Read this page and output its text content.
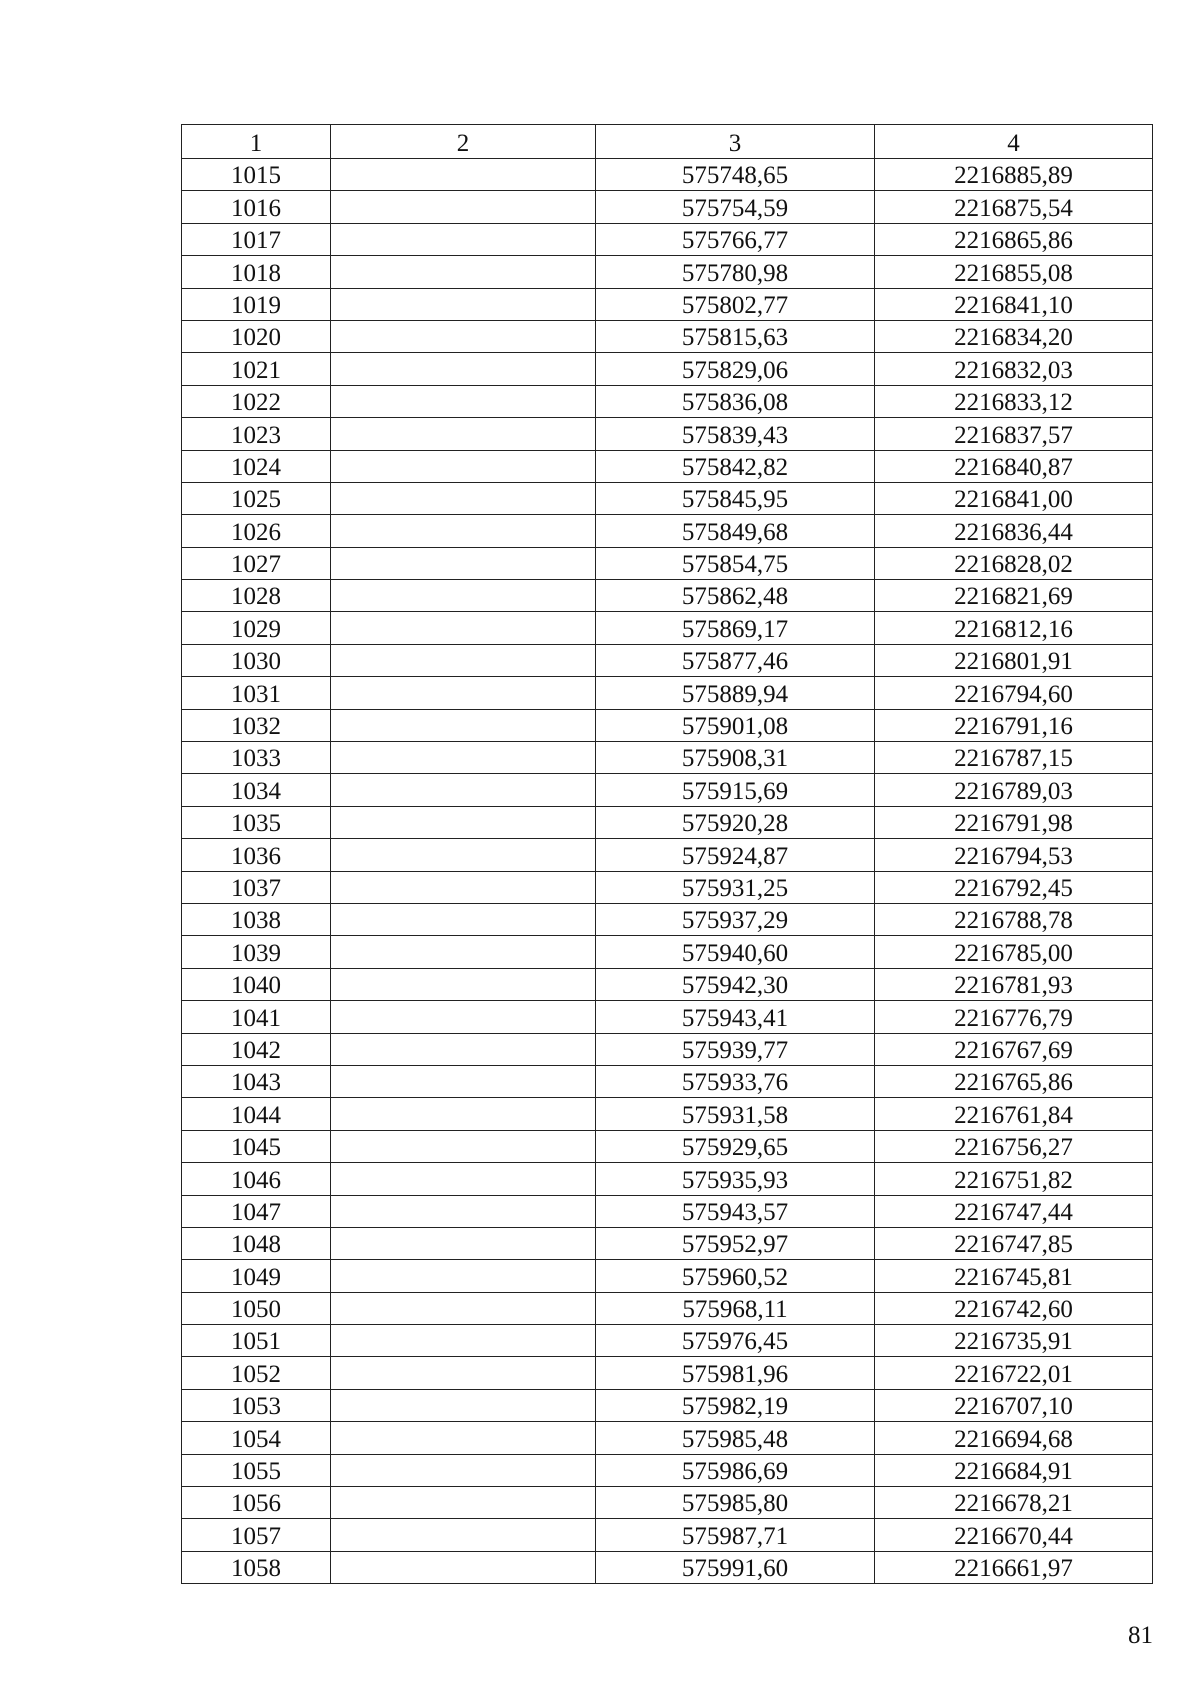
1	2	3	4
1015		575748,65	2216885,89
1016		575754,59	2216875,54
1017		575766,77	2216865,86
1018		575780,98	2216855,08
1019		575802,77	2216841,10
1020		575815,63	2216834,20
1021		575829,06	2216832,03
1022		575836,08	2216833,12
1023		575839,43	2216837,57
1024		575842,82	2216840,87
1025		575845,95	2216841,00
1026		575849,68	2216836,44
1027		575854,75	2216828,02
1028		575862,48	2216821,69
1029		575869,17	2216812,16
1030		575877,46	2216801,91
1031		575889,94	2216794,60
1032		575901,08	2216791,16
1033		575908,31	2216787,15
1034		575915,69	2216789,03
1035		575920,28	2216791,98
1036		575924,87	2216794,53
1037		575931,25	2216792,45
1038		575937,29	2216788,78
1039		575940,60	2216785,00
1040		575942,30	2216781,93
1041		575943,41	2216776,79
1042		575939,77	2216767,69
1043		575933,76	2216765,86
1044		575931,58	2216761,84
1045		575929,65	2216756,27
1046		575935,93	2216751,82
1047		575943,57	2216747,44
1048		575952,97	2216747,85
1049		575960,52	2216745,81
1050		575968,11	2216742,60
1051		575976,45	2216735,91
1052		575981,96	2216722,01
1053		575982,19	2216707,10
1054		575985,48	2216694,68
1055		575986,69	2216684,91
1056		575985,80	2216678,21
1057		575987,71	2216670,44
1058		575991,60	2216661,97
81
